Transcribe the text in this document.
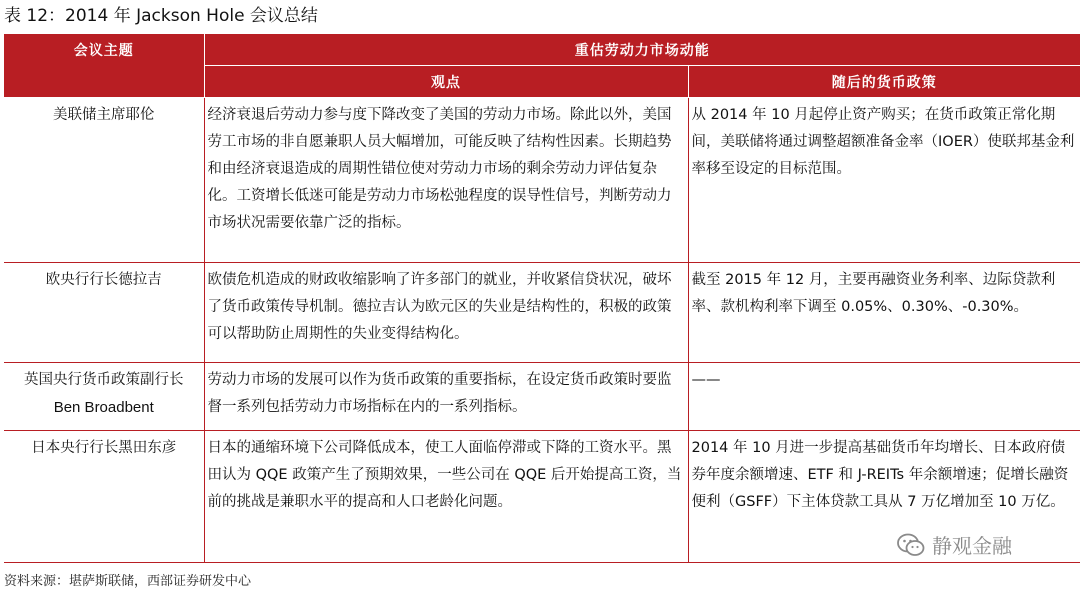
表 12：2014 年 Jackson Hole 会议总结
会议主题	重估劳动力市场动能	
	观点	随后的货币政策
美联储主席耶伦	经济衰退后劳动力参与度下降改变了美国的劳动力市场。除此以外，美国劳工市场的非自愿兼职人员大幅增加，可能反映了结构性因素。长期趋势和由经济衰退造成的周期性错位使对劳动力市场的剩余劳动力评估复杂化。工资增长低迷可能是劳动力市场松弛程度的误导性信号，判断劳动力市场状况需要依靠广泛的指标。	从 2014 年 10 月起停止资产购买；在货币政策正常化期间，美联储将通过调整超额准备金率（IOER）使联邦基金利率移至设定的目标范围。
欧央行行长德拉吉	欧债危机造成的财政收缩影响了许多部门的就业，并收紧信贷状况，破坏了货币政策传导机制。德拉吉认为欧元区的失业是结构性的，积极的政策可以帮助防止周期性的失业变得结构化。	截至 2015 年 12 月，主要再融资业务利率、边际贷款利率、款机构利率下调至 0.05%、0.30%、-0.30%。

英国央行货币政策副行长
Ben Broadbent	劳动力市场的发展可以作为货币政策的重要指标，在设定货币政策时要监督一系列包括劳动力市场指标在内的一系列指标。	——
日本央行行长黑田东彦	日本的通缩环境下公司降低成本，使工人面临停滞或下降的工资水平。黑田认为 QQE 政策产生了预期效果，一些公司在 QQE 后开始提高工资，当前的挑战是兼职水平的提高和人口老龄化问题。	2014 年 10 月进一步提高基础货币年均增长、日本政府债券年度余额增速、ETF 和 J-REITs 年余额增速；促增长融资便利（GSFF）下主体贷款工具从 7 万亿增加至 10 万亿。
资料来源：堪萨斯联储，西部证券研发中心
静观金融
